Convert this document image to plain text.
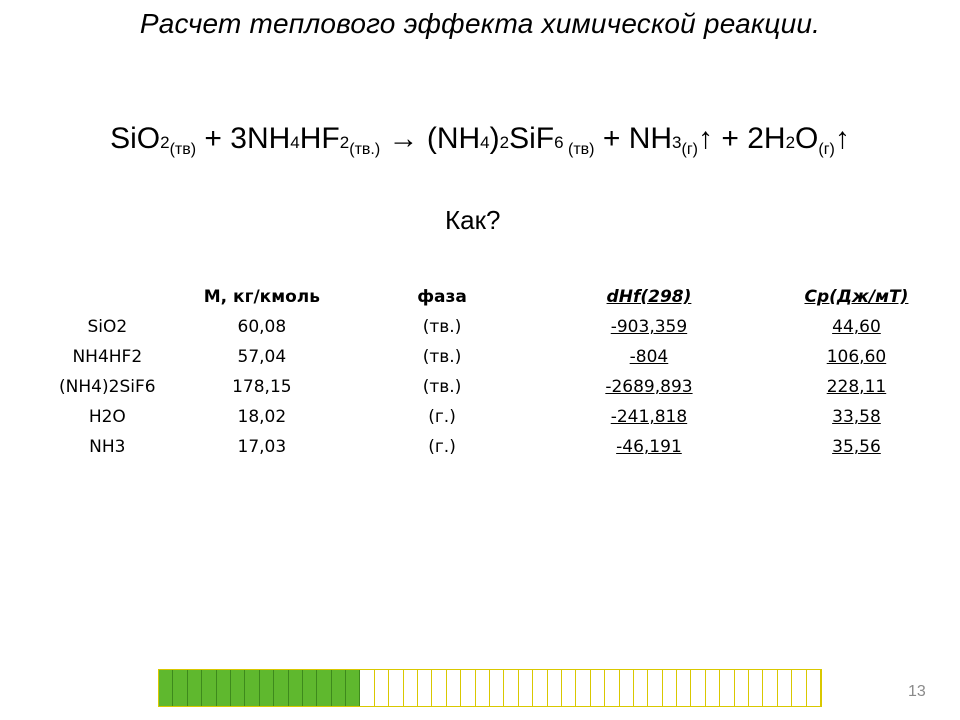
Расчет теплового эффекта химической реакции.
$SiO2_{(тв)} + 3NH4HF2_{(тв.)} \to (NH4)2SiF6$ $_{(тв)} + NH3_{(г)}↑$ + $2H2O_{(г)}↑$
Как?
	M, кг/кмоль	фаза	dHf(298)	Cp(Дж/мТ)
SiO2	60,08	(тв.)	-903,359	44,60
NH4HF2	57,04	(тв.)	-804	106,60
(NH4)2SiF6	178,15	(тв.)	-2689,893	228,11
H2O	18,02	(г.)	-241,818	33,58
NH3	17,03	(г.)	-46,191	35,56
13
